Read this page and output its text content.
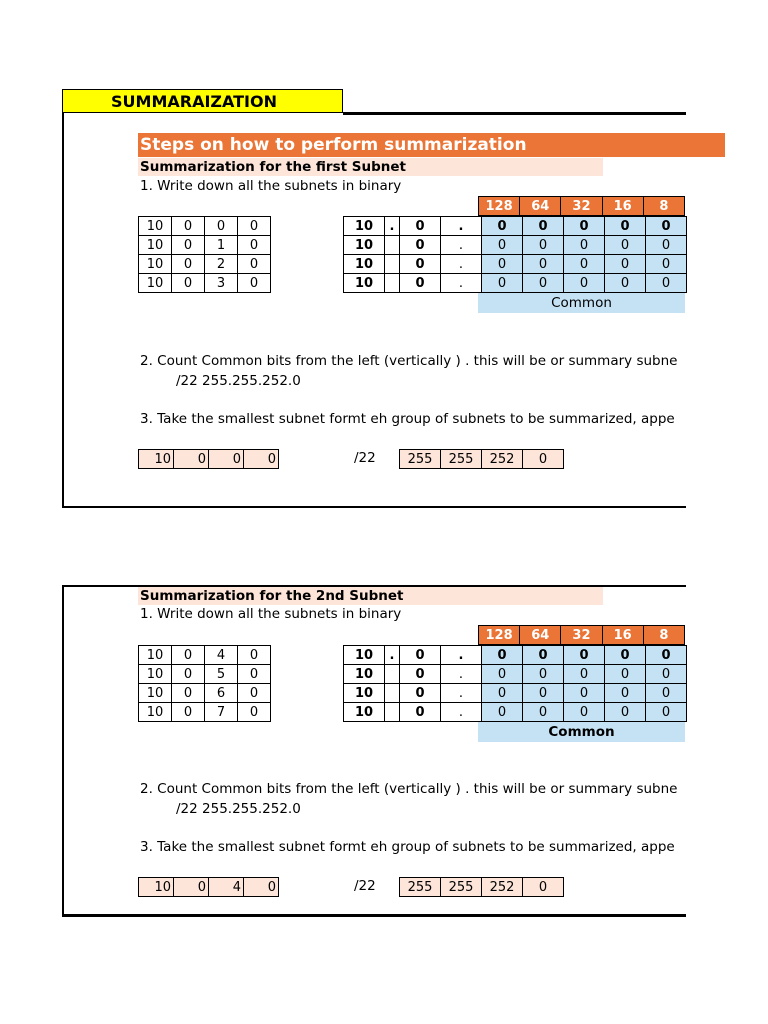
SUMMARAIZATION
Steps on how to perform summarization
Summarization for the first Subnet
1. Write down all the subnets in binary
128	64	32	16	8
10	0	0	0
10	0	1	0
10	0	2	0
10	0	3	0
10	.	0	.	0	0	0	0	0
10		0	.	0	0	0	0	0
10		0	.	0	0	0	0	0
10		0	.	0	0	0	0	0
Common
2. Count Common bits from the left (vertically ) . this will be or summary subne
/22 255.255.252.0
3. Take the smallest subnet formt eh group of subnets to be summarized, appe
10	0	0	0	/22 255	255	252	0
Summarization for the 2nd Subnet
1. Write down all the subnets in binary
128	64	32	16	8
10	0	4	0
10	0	5	0
10	0	6	0
10	0	7	0
10	.	0	.	0	0	0	0	0
10		0	.	0	0	0	0	0
10		0	.	0	0	0	0	0
10		0	.	0	0	0	0	0
Common
2. Count Common bits from the left (vertically ) . this will be or summary subne
/22 255.255.252.0
3. Take the smallest subnet formt eh group of subnets to be summarized, appe
10	0	4	0	/22 255	255	252	0
